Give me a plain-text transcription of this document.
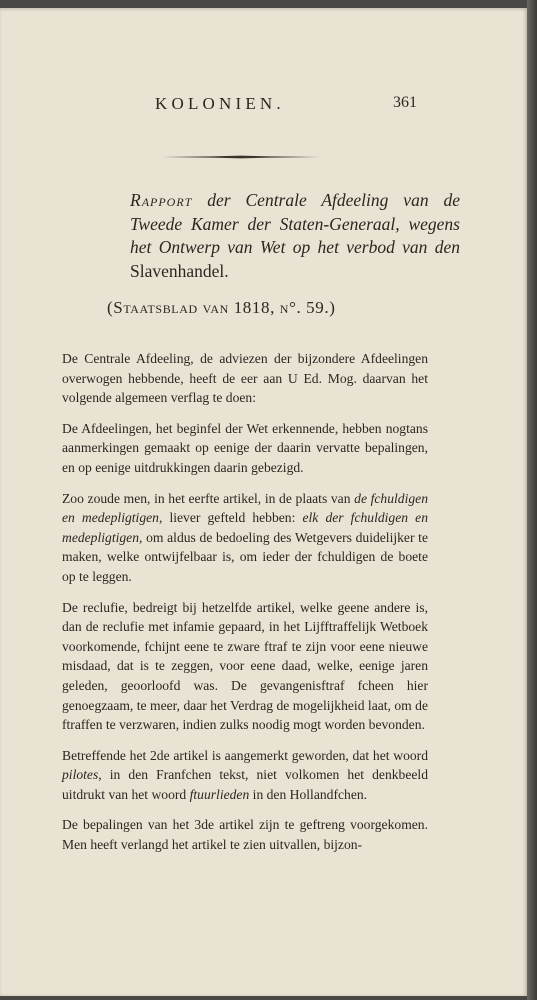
KOLONIEN.	361
Rapport der Centrale Afdeeling van de Tweede Kamer der Staten-Generaal, wegens het Ontwerp van Wet op het verbod van den Slavenhandel.
(Staatsblad van 1818, n°. 59.)

De Centrale Afdeeling, de adviezen der bijzondere Afdeelingen overwogen hebbende, heeft de eer aan U Ed. Mog. daarvan het volgende algemeen verflag te doen:

De Afdeelingen, het beginfel der Wet erkennende, hebben nogtans aanmerkingen gemaakt op eenige der daarin vervatte bepalingen, en op eenige uitdrukkingen daarin gebezigd.

Zoo zoude men, in het eerfte artikel, in de plaats van de fchuldigen en medepligtigen, liever gefteld hebben: elk der fchuldigen en medepligtigen, om aldus de bedoeling des Wetgevers duidelijker te maken, welke ontwijfelbaar is, om ieder der fchuldigen de boete op te leggen.

De reclufie, bedreigt bij hetzelfde artikel, welke geene andere is, dan de reclufie met infamie gepaard, in het Lijfftraffelijk Wetboek voorkomende, fchijnt eene te zware ftraf te zijn voor eene nieuwe misdaad, dat is te zeggen, voor eene daad, welke, eenige jaren geleden, geoorloofd was. De gevangenisftraf fcheen hier genoegzaam, te meer, daar het Verdrag de mogelijkheid laat, om de ftraffen te verzwaren, indien zulks noodig mogt worden bevonden.

Betreffende het 2de artikel is aangemerkt geworden, dat het woord pilotes, in den Franfchen tekst, niet volkomen het denkbeeld uitdrukt van het woord ftuurlieden in den Hollandfchen.

De bepalingen van het 3de artikel zijn te geftreng voorgekomen. Men heeft verlangd het artikel te zien uitvallen, bijzon-
